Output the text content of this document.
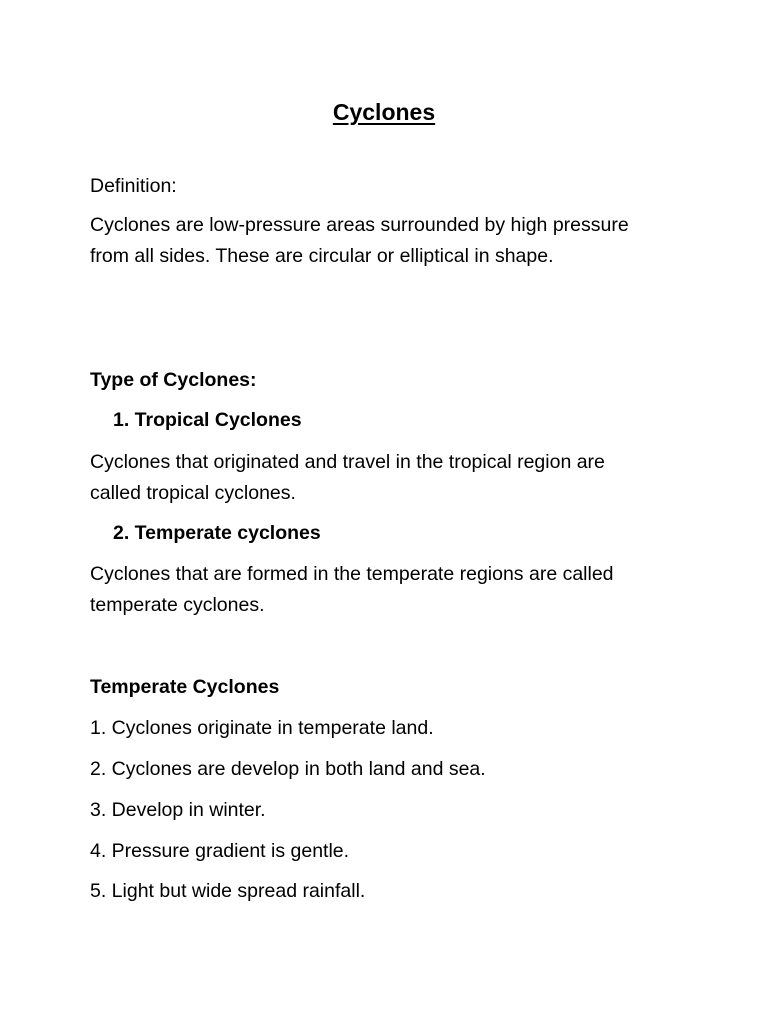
Cyclones
Definition:
Cyclones are low-pressure areas surrounded by high pressure
from all sides. These are circular or elliptical in shape.
Type of Cyclones:
1. Tropical Cyclones
Cyclones that originated and travel in the tropical region are
called tropical cyclones.
2. Temperate cyclones
Cyclones that are formed in the temperate regions are called
temperate cyclones.
Temperate Cyclones
1. Cyclones originate in temperate land.
2. Cyclones are develop in both land and sea.
3. Develop in winter.
4. Pressure gradient is gentle.
5. Light but wide spread rainfall.
